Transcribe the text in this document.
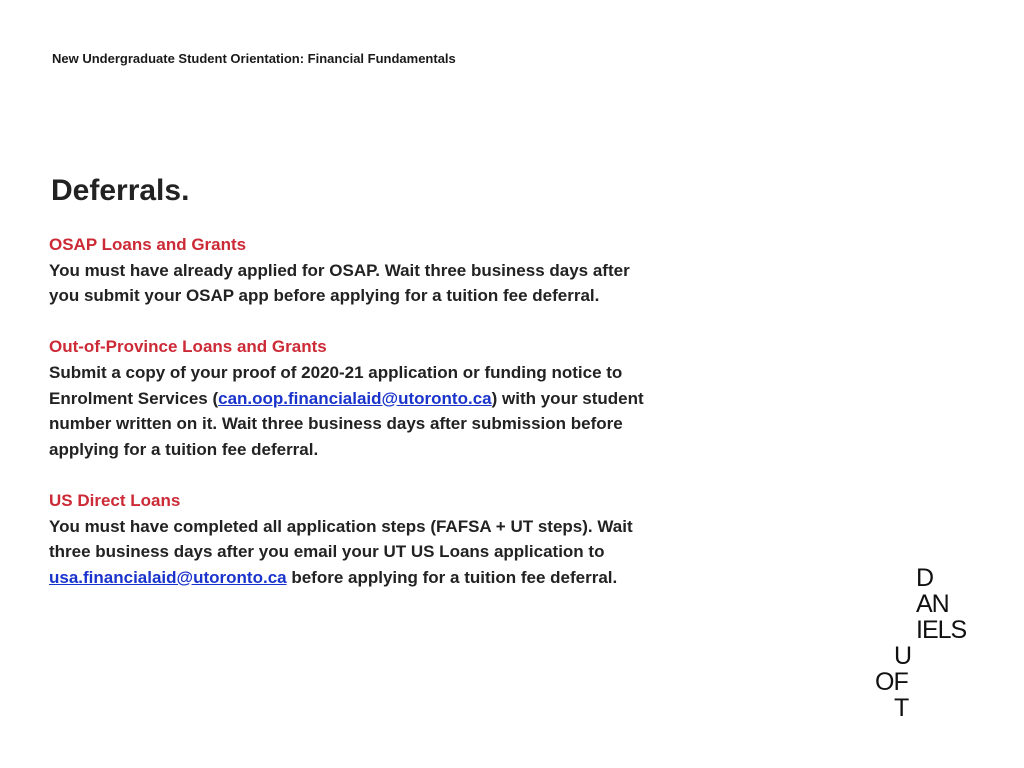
New Undergraduate Student Orientation: Financial Fundamentals
Deferrals.
OSAP Loans and Grants
You must have already applied for OSAP. Wait three business days after
you submit your OSAP app before applying for a tuition fee deferral.
Out-of-Province Loans and Grants
Submit a copy of your proof of 2020-21 application or funding notice to
Enrolment Services (can.oop.financialaid@utoronto.ca) with your student
number written on it. Wait three business days after submission before
applying for a tuition fee deferral.
US Direct Loans
You must have completed all application steps (FAFSA + UT steps). Wait
three business days after you email your UT US Loans application to
usa.financialaid@utoronto.ca before applying for a tuition fee deferral.	D
AN
IELS
U
OF
T
